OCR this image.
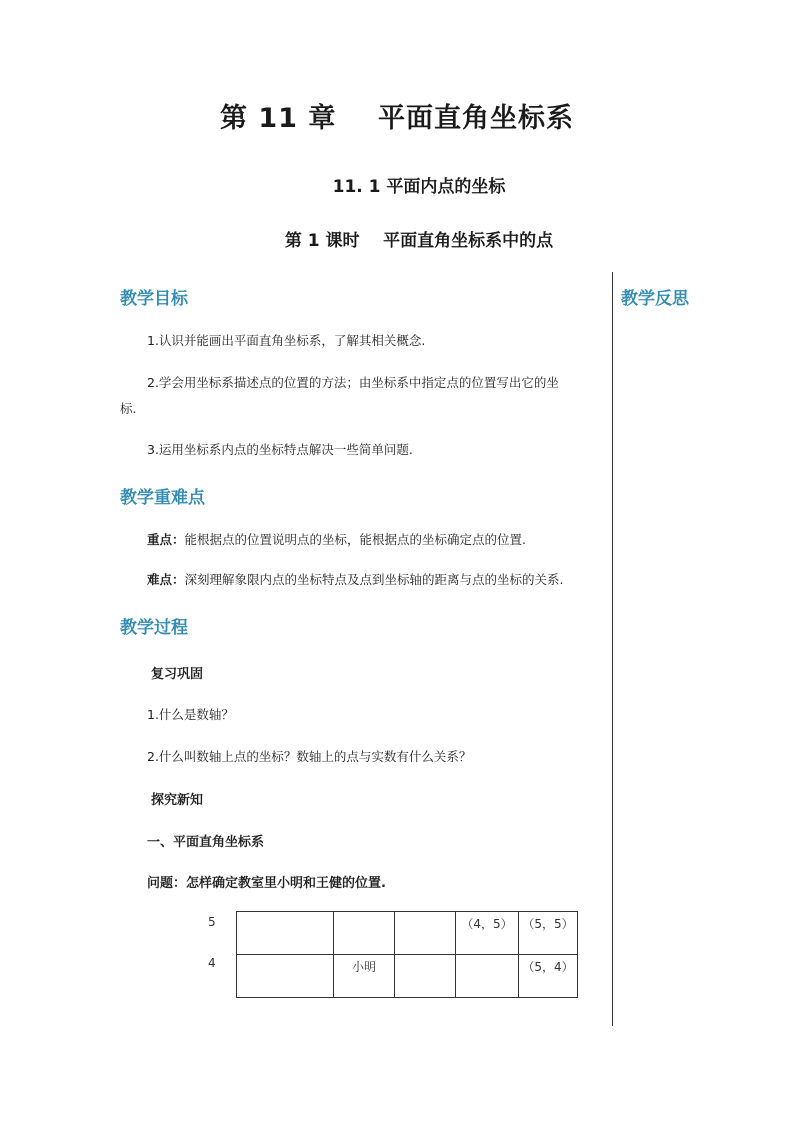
第 11 章    平面直角坐标系
11. 1 平面内点的坐标
第 1 课时    平面直角坐标系中的点
教学反思
教学目标
1.认识并能画出平面直角坐标系，了解其相关概念.
2.学会用坐标系描述点的位置的方法；由坐标系中指定点的位置写出它的坐
标.
3.运用坐标系内点的坐标特点解决一些简单问题.
教学重难点
重点：能根据点的位置说明点的坐标，能根据点的坐标确定点的位置.
难点：深刻理解象限内点的坐标特点及点到坐标轴的距离与点的坐标的关系.
教学过程
复习巩固
1.什么是数轴？
2.什么叫数轴上点的坐标？数轴上的点与实数有什么关系？
探究新知
一、平面直角坐标系
问题：怎样确定教室里小明和王健的位置.
5
4
			（4，5）	（5，5）
	小明			（5，4）
